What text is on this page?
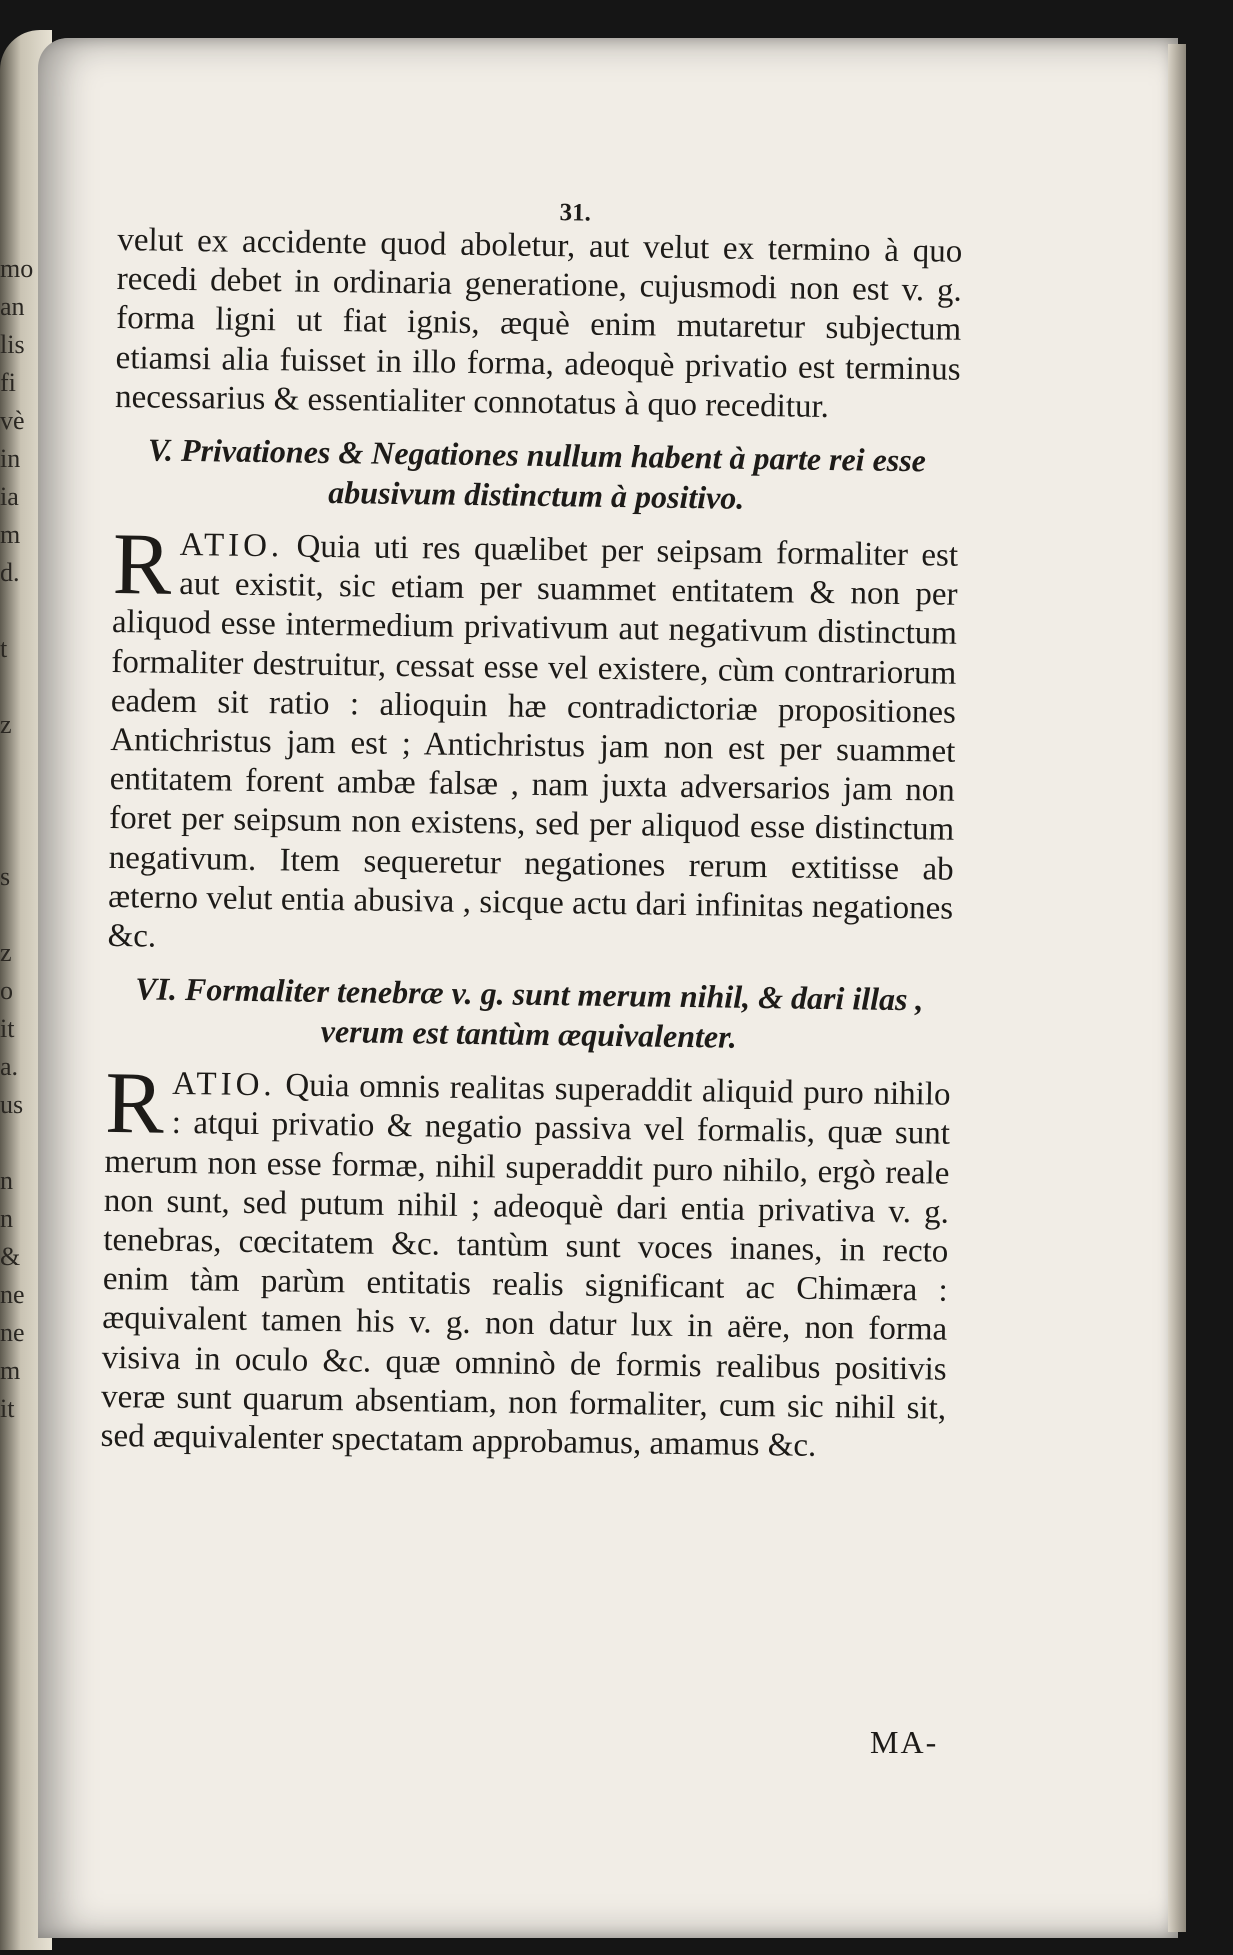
mo
an
lis
fi
vè
in
ia
m
d.

t

z

s

z
o
it
a.
us

n
n
&
ne
ne
m
it
31.

velut ex accidente quod aboletur, aut velut ex termino à quo recedi debet in ordinaria generatione, cujusmodi non est v. g. forma ligni ut fiat ignis, æquè enim mutaretur subjectum etiamsi alia fuisset in illo forma, adeoquè privatio est terminus necessarius & essentialiter connotatus à quo receditur.

V. Privationes & Negationes nullum habent à parte rei esse abusivum distinctum à positivo.

R ATIO. Quia uti res quælibet per seipsam formaliter est aut existit, sic etiam per suammet entitatem & non per aliquod esse intermedium privativum aut negativum distinctum formaliter destruitur, cessat esse vel existere, cùm contrariorum eadem sit ratio : alioquin hæ contradictoriæ propositiones Antichristus jam est ; Antichristus jam non est per suammet entitatem forent ambæ falsæ , nam juxta adversarios jam non foret per seipsum non existens, sed per aliquod esse distinctum negativum. Item sequeretur negationes rerum extitisse ab æterno velut entia abusiva , sicque actu dari infinitas negationes &c.

VI. Formaliter tenebræ v. g. sunt merum nihil, & dari illas , verum est tantùm æquivalenter.

R ATIO. Quia omnis realitas superaddit aliquid puro nihilo : atqui privatio & negatio passiva vel formalis, quæ sunt merum non esse formæ, nihil superaddit puro nihilo, ergò reale non sunt, sed putum nihil ; adeoquè dari entia privativa v. g. tenebras, cœcitatem &c. tantùm sunt voces inanes, in recto enim tàm parùm entitatis realis significant ac Chimæra : æquivalent tamen his v. g. non datur lux in aëre, non forma visiva in oculo &c. quæ omninò de formis realibus positivis veræ sunt quarum absentiam, non formaliter, cum sic nihil sit, sed æquivalenter spectatam approbamus, amamus &c.

MA-
